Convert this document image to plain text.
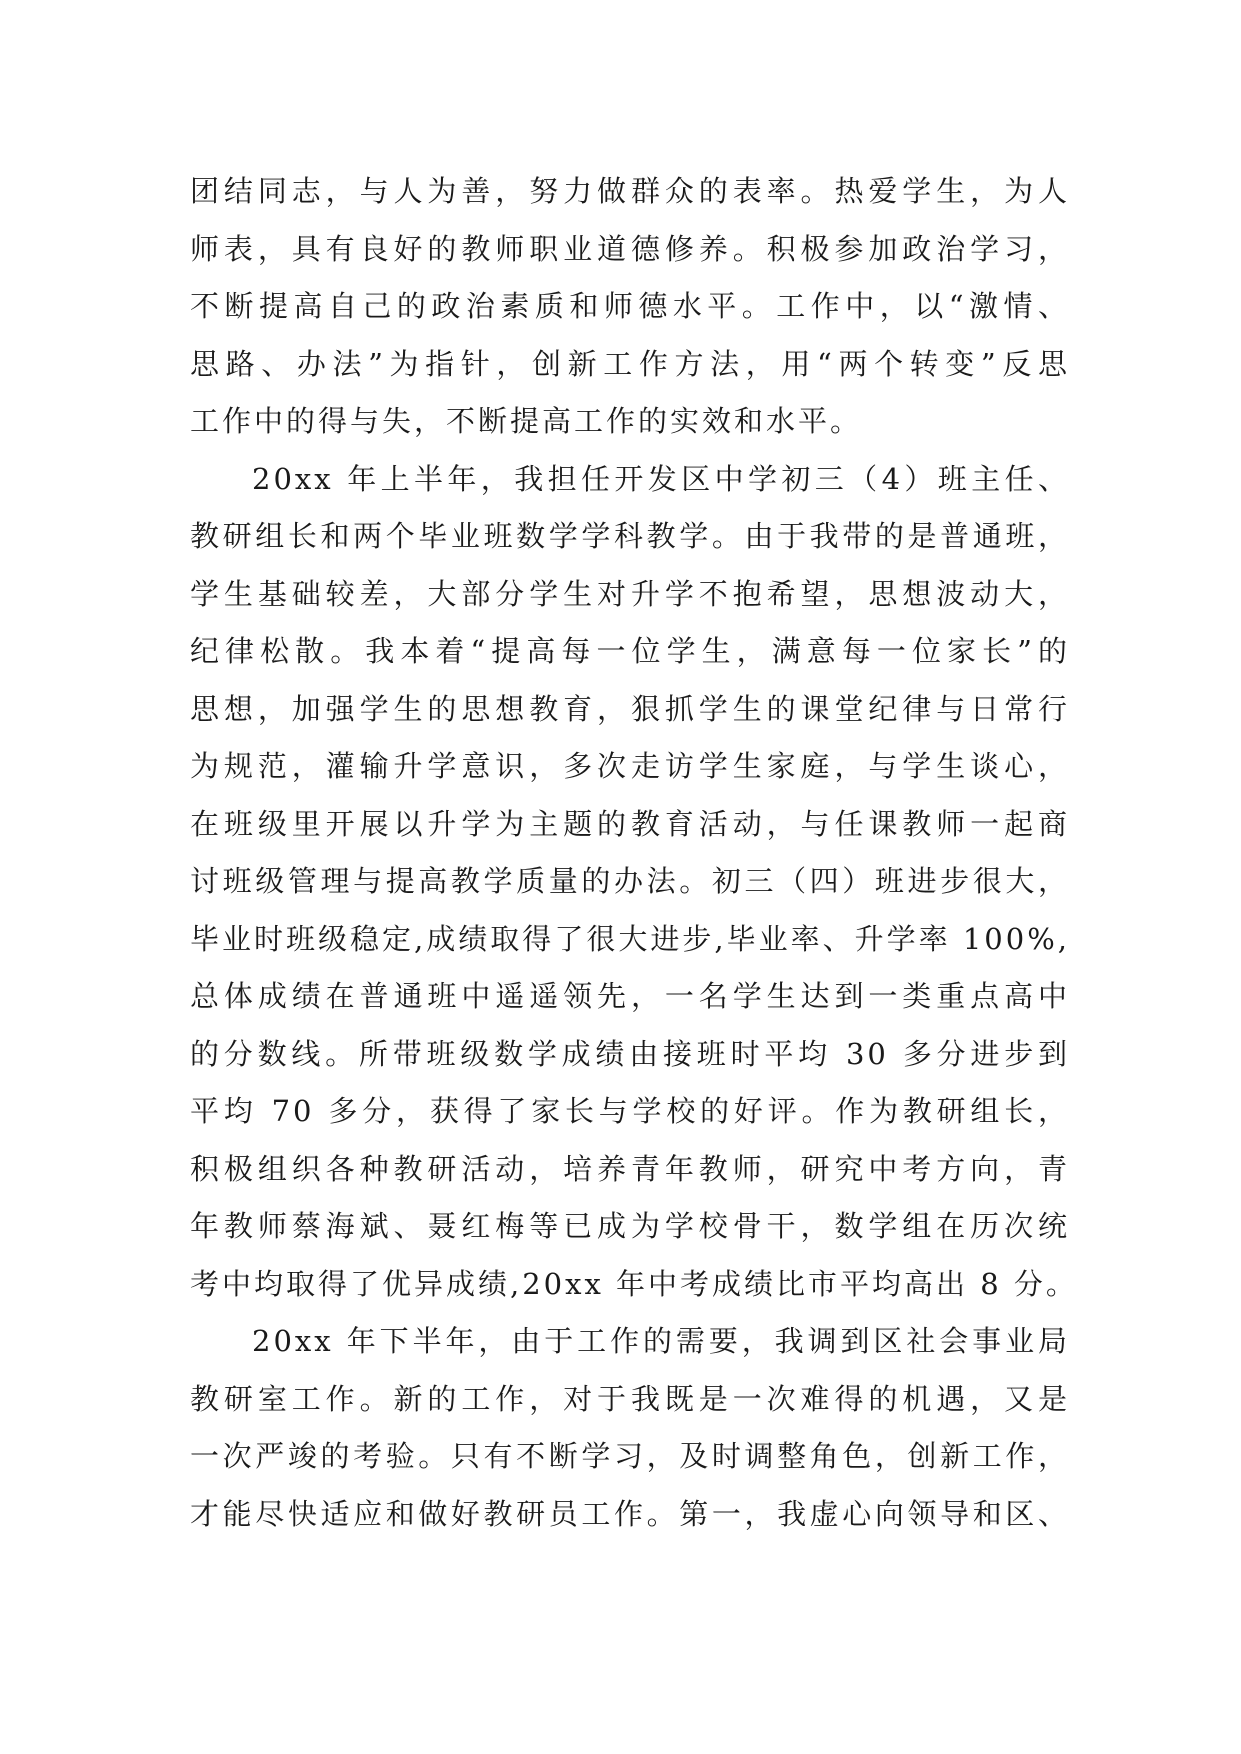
团结同志，与人为善，努力做群众的表率。热爱学生，为人
师表，具有良好的教师职业道德修养。积极参加政治学习，
不断提高自己的政治素质和师德水平。工作中，以“激情、
思路、办法”为指针，创新工作方法，用“两个转变”反思
工作中的得与失，不断提高工作的实效和水平。
20xx 年上半年，我担任开发区中学初三（4）班主任、
教研组长和两个毕业班数学学科教学。由于我带的是普通班，
学生基础较差，大部分学生对升学不抱希望，思想波动大，
纪律松散。我本着“提高每一位学生，满意每一位家长”的
思想，加强学生的思想教育，狠抓学生的课堂纪律与日常行
为规范，灌输升学意识，多次走访学生家庭，与学生谈心，
在班级里开展以升学为主题的教育活动，与任课教师一起商
讨班级管理与提高教学质量的办法。初三（四）班进步很大，
毕业时班级稳定,成绩取得了很大进步,毕业率、升学率 100%,
总体成绩在普通班中遥遥领先，一名学生达到一类重点高中
的分数线。所带班级数学成绩由接班时平均 30 多分进步到
平均 70 多分，获得了家长与学校的好评。作为教研组长，
积极组织各种教研活动，培养青年教师，研究中考方向，青
年教师蔡海斌、聂红梅等已成为学校骨干，数学组在历次统
考中均取得了优异成绩,20xx 年中考成绩比市平均高出 8 分。
20xx 年下半年，由于工作的需要，我调到区社会事业局
教研室工作。新的工作，对于我既是一次难得的机遇，又是
一次严竣的考验。只有不断学习，及时调整角色，创新工作，
才能尽快适应和做好教研员工作。第一，我虚心向领导和区、
